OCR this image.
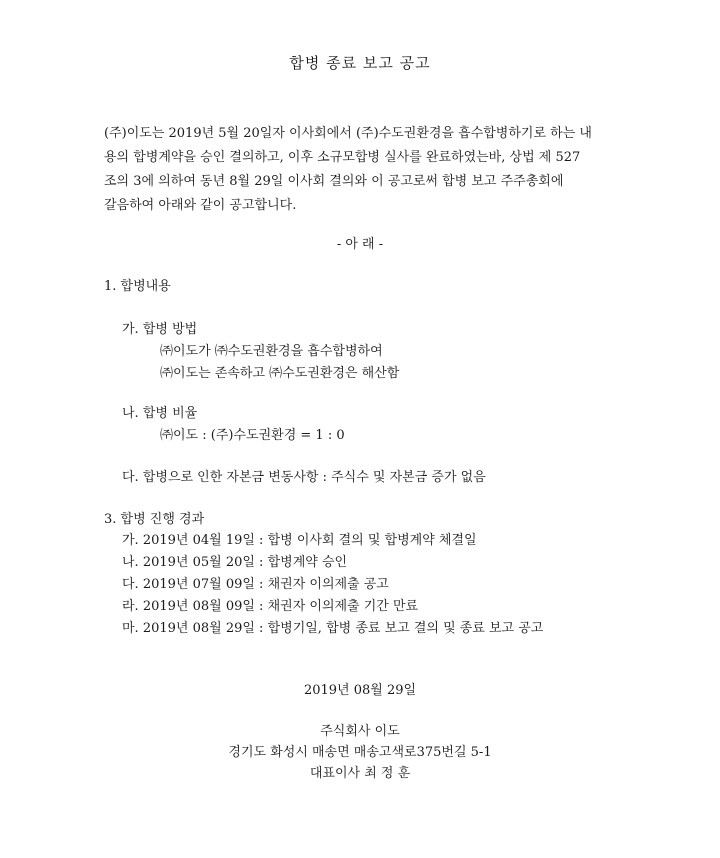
합병 종료 보고 공고
(주)이도는 2019년 5월 20일자 이사회에서 (주)수도권환경을 흡수합병하기로 하는 내
용의 합병계약을 승인 결의하고, 이후 소규모합병 실사를 완료하였는바, 상법 제 527
조의 3에 의하여 동년 8월 29일 이사회 결의와 이 공고로써 합병 보고 주주총회에
갈음하여 아래와 같이 공고합니다.
- 아 래 -
1. 합병내용
가. 합병 방법
㈜이도가 ㈜수도권환경을 흡수합병하여
㈜이도는 존속하고 ㈜수도권환경은 해산함
나. 합병 비율
㈜이도 : (주)수도권환경 = 1 : 0
다. 합병으로 인한 자본금 변동사항 : 주식수 및 자본금 증가 없음
3. 합병 진행 경과
가. 2019년 04월 19일 : 합병 이사회 결의 및 합병계약 체결일
나. 2019년 05월 20일 : 합병계약 승인
다. 2019년 07월 09일 : 채권자 이의제출 공고
라. 2019년 08월 09일 : 채권자 이의제출 기간 만료
마. 2019년 08월 29일 : 합병기일, 합병 종료 보고 결의 및 종료 보고 공고
2019년 08월 29일
주식회사 이도
경기도 화성시 매송면 매송고색로375번길 5-1
대표이사 최 정 훈
